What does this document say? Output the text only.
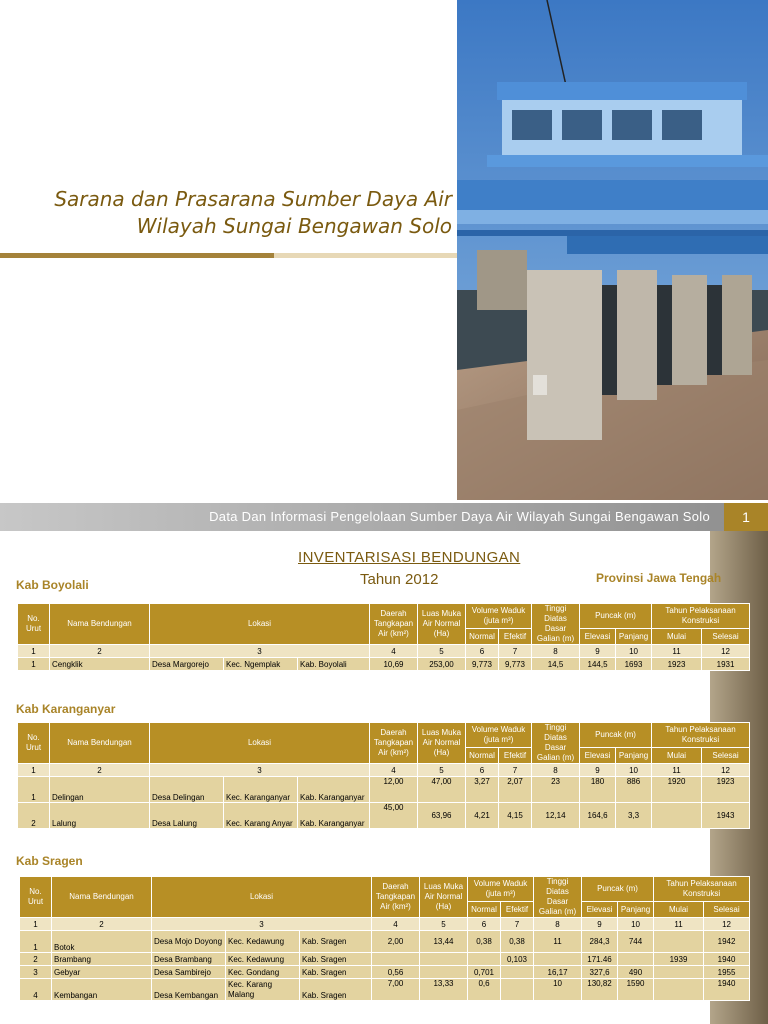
Sarana dan Prasarana Sumber Daya Air
Wilayah Sungai Bengawan Solo
Data Dan Informasi Pengelolaan Sumber Daya Air Wilayah Sungai Bengawan Solo	1
INVENTARISASI BENDUNGAN
Tahun 2012	Provinsi Jawa Tengah
Kab Boyolali
No. Urut	Nama Bendungan	Lokasi			Daerah Tangkapan Air (km²)	Luas Muka Air Normal (Ha)	Volume Waduk (juta m³)		Tinggi Diatas Dasar Galian (m)	Puncak (m)		Tahun Pelaksanaan Konstruksi	
							Normal	Efektif		Elevasi	Panjang	Mulai	Selesai
1	2	3			4	5	6	7	8	9	10	11	12
1	Cengklik	Desa Margorejo	Kec. Ngemplak	Kab. Boyolali	10,69	253,00	9,773	9,773	14,5	144,5	1693	1923	1931
Kab Karanganyar
No. Urut	Nama Bendungan	Lokasi			Daerah Tangkapan Air (km²)	Luas Muka Air Normal (Ha)	Volume Waduk (juta m³)		Tinggi Diatas Dasar Galian (m)	Puncak (m)		Tahun Pelaksanaan Konstruksi	
							Normal	Efektif		Elevasi	Panjang	Mulai	Selesai
1	2	3			4	5	6	7	8	9	10	11	12
1	Delingan	Desa Delingan	Kec. Karanganyar	Kab. Karanganyar	12,00	47,00	3,27	2,07	23	180	886	1920	1923
2	Lalung	Desa Lalung	Kec. Karang Anyar	Kab. Karanganyar	45,00	63,96	4,21	4,15	12,14	164,6	3,3		1943
Kab Sragen
No. Urut	Nama Bendungan	Lokasi			Daerah Tangkapan Air (km²)	Luas Muka Air Normal (Ha)	Volume Waduk (juta m³)		Tinggi Diatas Dasar Galian (m)	Puncak (m)		Tahun Pelaksanaan Konstruksi	
							Normal	Efektif		Elevasi	Panjang	Mulai	Selesai
1	2	3			4	5	6	7	8	9	10	11	12
1	Botok	Desa Mojo Doyong	Kec. Kedawung	Kab. Sragen	2,00	13,44	0,38	0,38	11	284,3	744		1942
2	Brambang	Desa Brambang	Kec. Kedawung	Kab. Sragen				0,103		171.46		1939	1940
3	Gebyar	Desa Sambirejo	Kec. Gondang	Kab. Sragen	0,56		0,701		16,17	327,6	490		1955
4	Kembangan	Desa Kembangan	Kec. Karang Malang	Kab. Sragen	7,00	13,33	0,6		10	130,82	1590		1940
